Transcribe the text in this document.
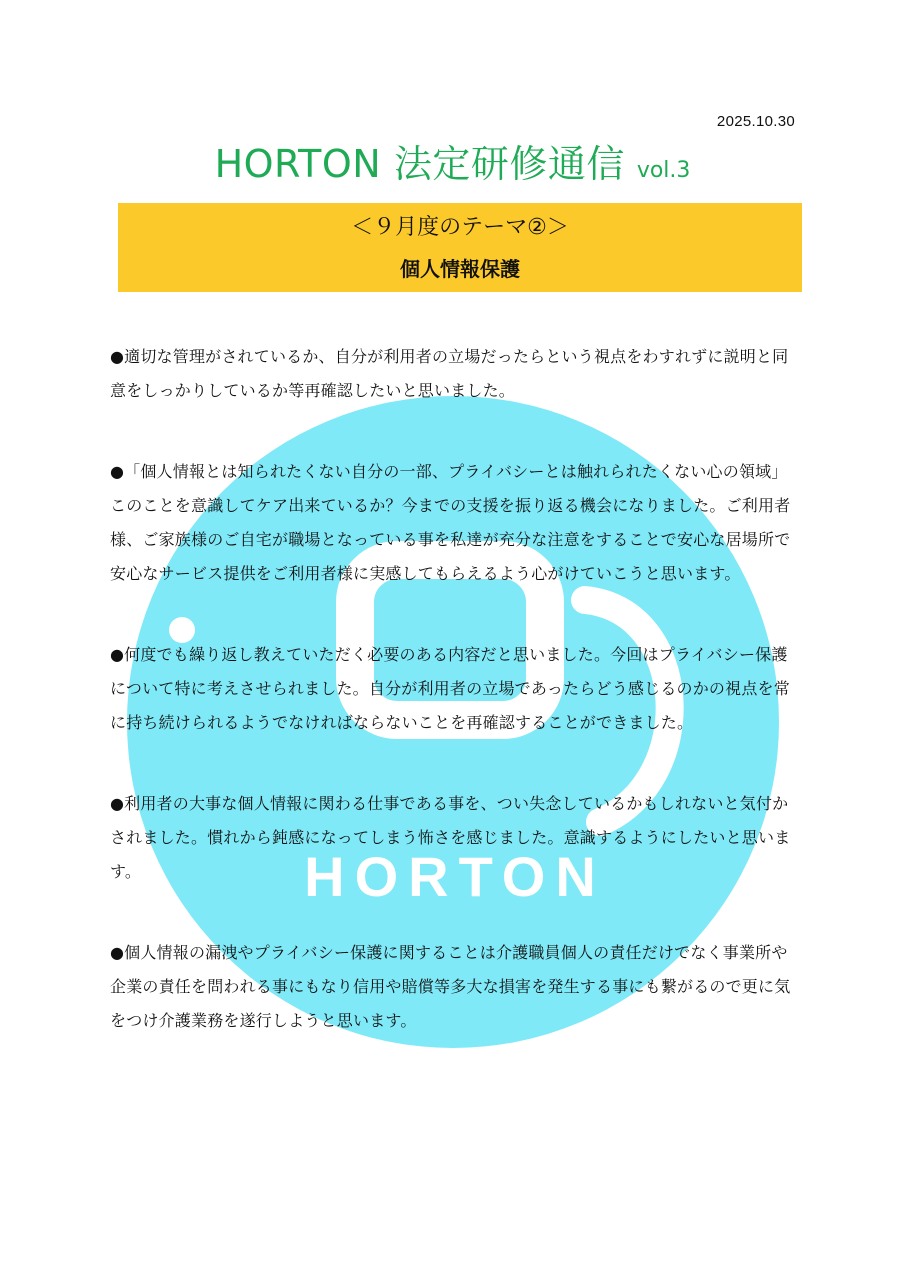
HORTON
2025.10.30
HORTON 法定研修通信 vol.3
＜９月度のテーマ②＞
個人情報保護

●適切な管理がされているか、自分が利用者の立場だったらという視点をわすれずに説明と同意をしっかりしているか等再確認したいと思いました。

●「個人情報とは知られたくない自分の一部、プライバシーとは触れられたくない心の領域」このことを意識してケア出来ているか？今までの支援を振り返る機会になりました。ご利用者様、ご家族様のご自宅が職場となっている事を私達が充分な注意をすることで安心な居場所で安心なサービス提供をご利用者様に実感してもらえるよう心がけていこうと思います。

●何度でも繰り返し教えていただく必要のある内容だと思いました。今回はプライバシー保護について特に考えさせられました。自分が利用者の立場であったらどう感じるのかの視点を常に持ち続けられるようでなければならないことを再確認することができました。

●利用者の大事な個人情報に関わる仕事である事を、つい失念しているかもしれないと気付かされました。慣れから鈍感になってしまう怖さを感じました。意識するようにしたいと思います。

●個人情報の漏洩やプライバシー保護に関することは介護職員個人の責任だけでなく事業所や企業の責任を問われる事にもなり信用や賠償等多大な損害を発生する事にも繋がるので更に気をつけ介護業務を遂行しようと思います。
